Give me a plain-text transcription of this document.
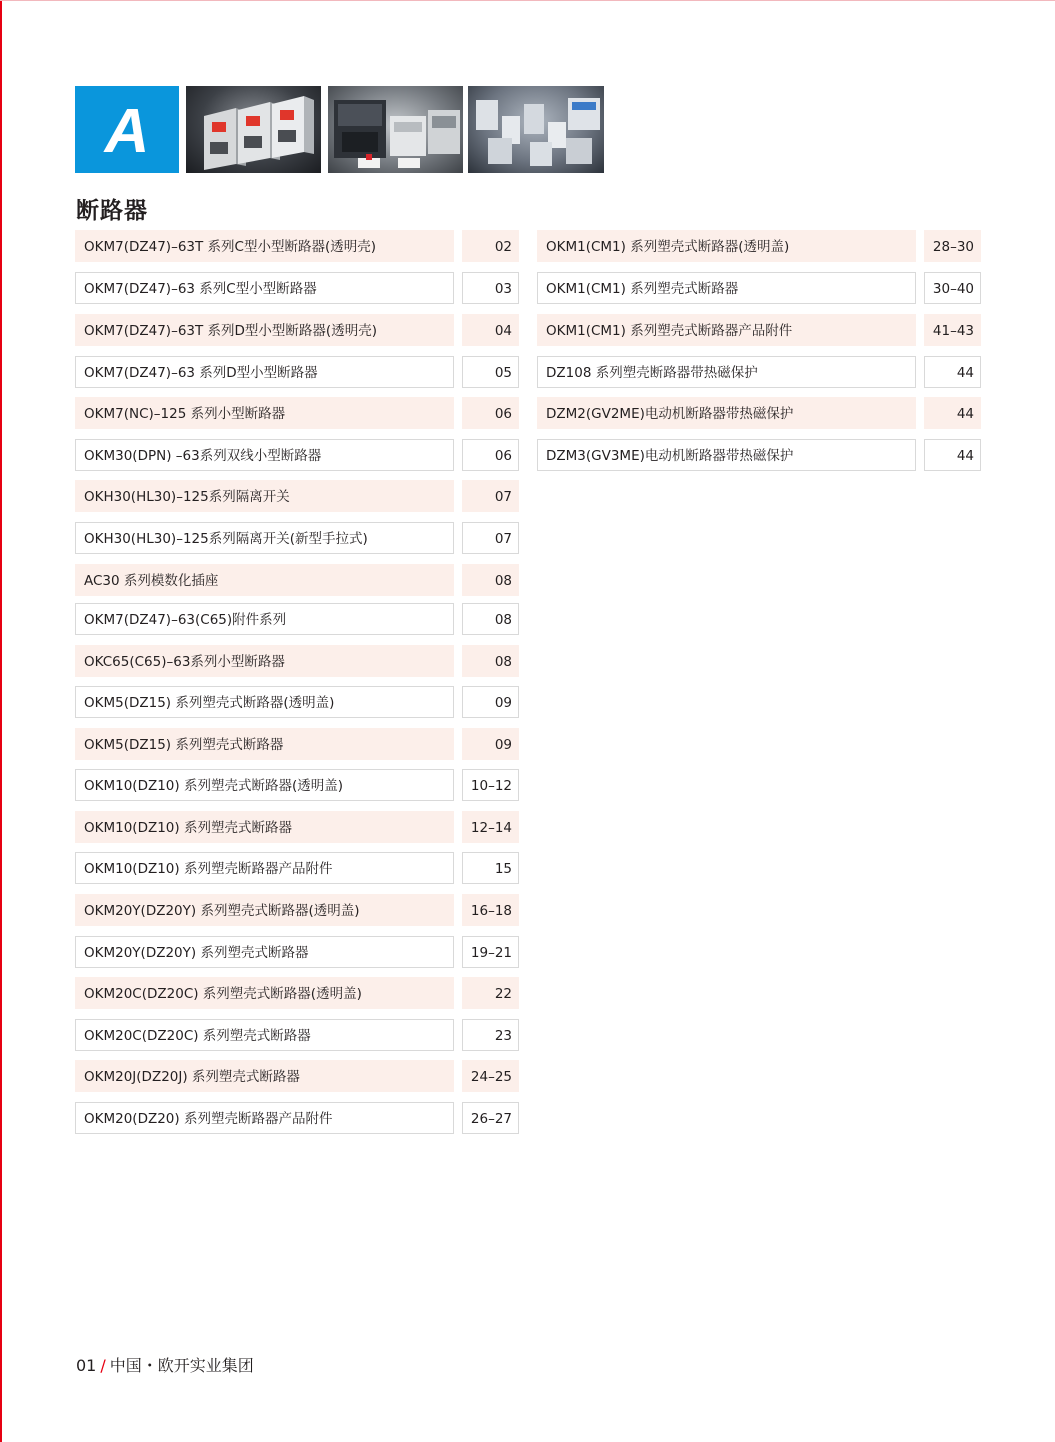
A
断路器
OKM7(DZ47)–63T 系列C型小型断路器(透明壳)	02
OKM7(DZ47)–63 系列C型小型断路器	03
OKM7(DZ47)–63T 系列D型小型断路器(透明壳)	04
OKM7(DZ47)–63 系列D型小型断路器	05
OKM7(NC)–125 系列小型断路器	06
OKM30(DPN) –63系列双线小型断路器	06
OKH30(HL30)–125系列隔离开关	07
OKH30(HL30)–125系列隔离开关(新型手拉式)	07
AC30 系列模数化插座	08
OKM7(DZ47)–63(C65)附件系列	08
OKC65(C65)–63系列小型断路器	08
OKM5(DZ15) 系列塑壳式断路器(透明盖)	09
OKM5(DZ15) 系列塑壳式断路器	09
OKM10(DZ10) 系列塑壳式断路器(透明盖)	10–12
OKM10(DZ10) 系列塑壳式断路器	12–14
OKM10(DZ10) 系列塑壳断路器产品附件	15
OKM20Y(DZ20Y) 系列塑壳式断路器(透明盖)	16–18
OKM20Y(DZ20Y) 系列塑壳式断路器	19–21
OKM20C(DZ20C) 系列塑壳式断路器(透明盖)	22
OKM20C(DZ20C) 系列塑壳式断路器	23
OKM20J(DZ20J) 系列塑壳式断路器	24–25
OKM20(DZ20) 系列塑壳断路器产品附件	26–27
OKM1(CM1) 系列塑壳式断路器(透明盖)	28–30
OKM1(CM1) 系列塑壳式断路器	30–40
OKM1(CM1) 系列塑壳式断路器产品附件	41–43
DZ108 系列塑壳断路器带热磁保护	44
DZM2(GV2ME)电动机断路器带热磁保护	44
DZM3(GV3ME)电动机断路器带热磁保护	44
01 / 中国・欧开实业集团
